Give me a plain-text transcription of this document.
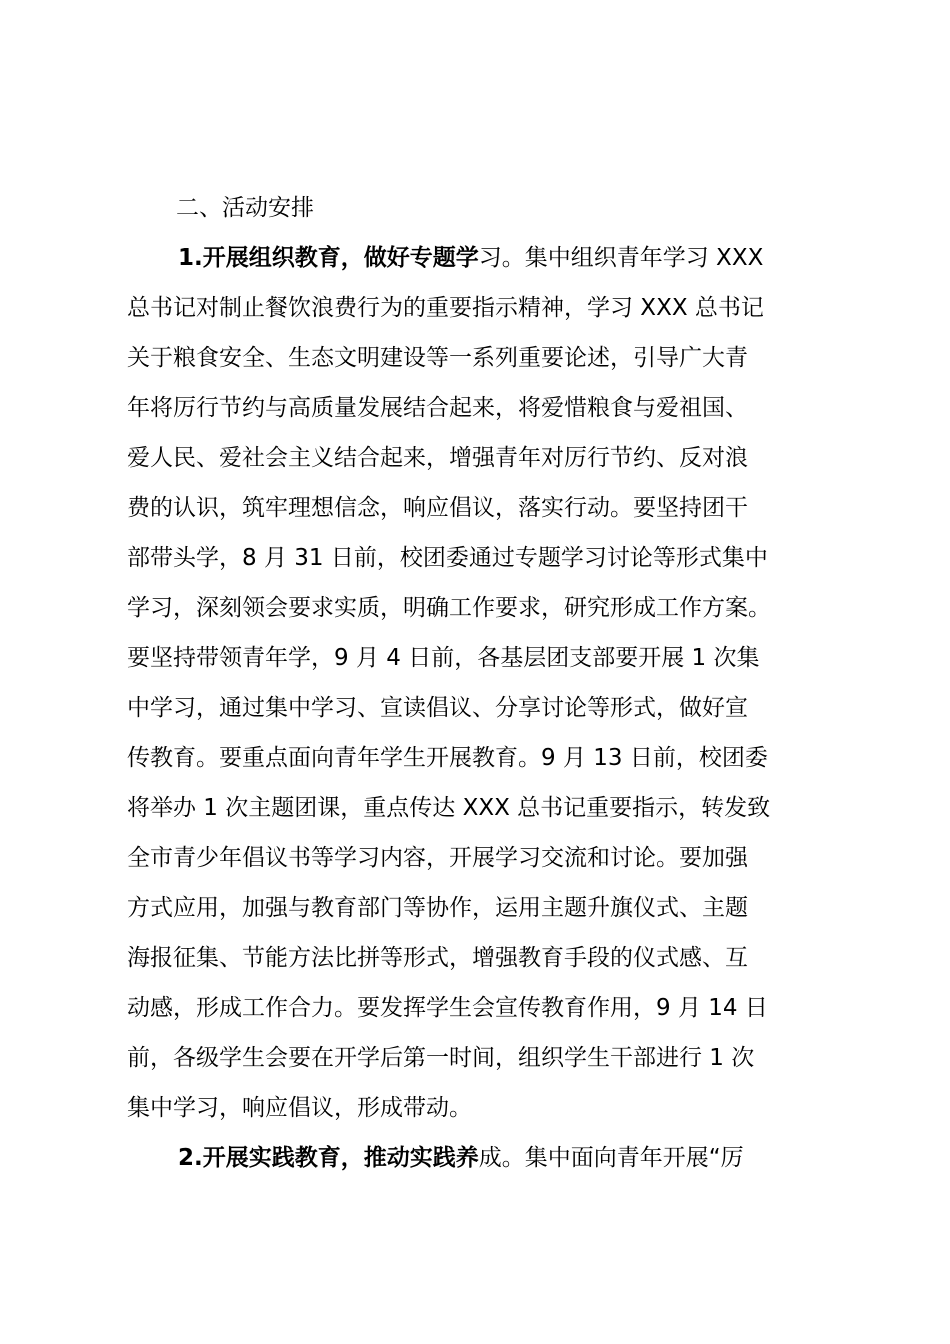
二、活动安排

1.开展组织教育，做好专题学习。集中组织青年学习 XXX
总书记对制止餐饮浪费行为的重要指示精神，学习 XXX 总书记
关于粮食安全、生态文明建设等一系列重要论述，引导广大青
年将厉行节约与高质量发展结合起来，将爱惜粮食与爱祖国、
爱人民、爱社会主义结合起来，增强青年对厉行节约、反对浪
费的认识，筑牢理想信念，响应倡议，落实行动。要坚持团干
部带头学，8 月 31 日前，校团委通过专题学习讨论等形式集中
学习，深刻领会要求实质，明确工作要求，研究形成工作方案。
要坚持带领青年学，9 月 4 日前，各基层团支部要开展 1 次集
中学习，通过集中学习、宣读倡议、分享讨论等形式，做好宣
传教育。要重点面向青年学生开展教育。9 月 13 日前，校团委
将举办 1 次主题团课，重点传达 XXX 总书记重要指示，转发致
全市青少年倡议书等学习内容，开展学习交流和讨论。要加强
方式应用，加强与教育部门等协作，运用主题升旗仪式、主题
海报征集、节能方法比拼等形式，增强教育手段的仪式感、互
动感，形成工作合力。要发挥学生会宣传教育作用，9 月 14 日
前，各级学生会要在开学后第一时间，组织学生干部进行 1 次
集中学习，响应倡议，形成带动。
2.开展实践教育，推动实践养成。集中面向青年开展“厉
